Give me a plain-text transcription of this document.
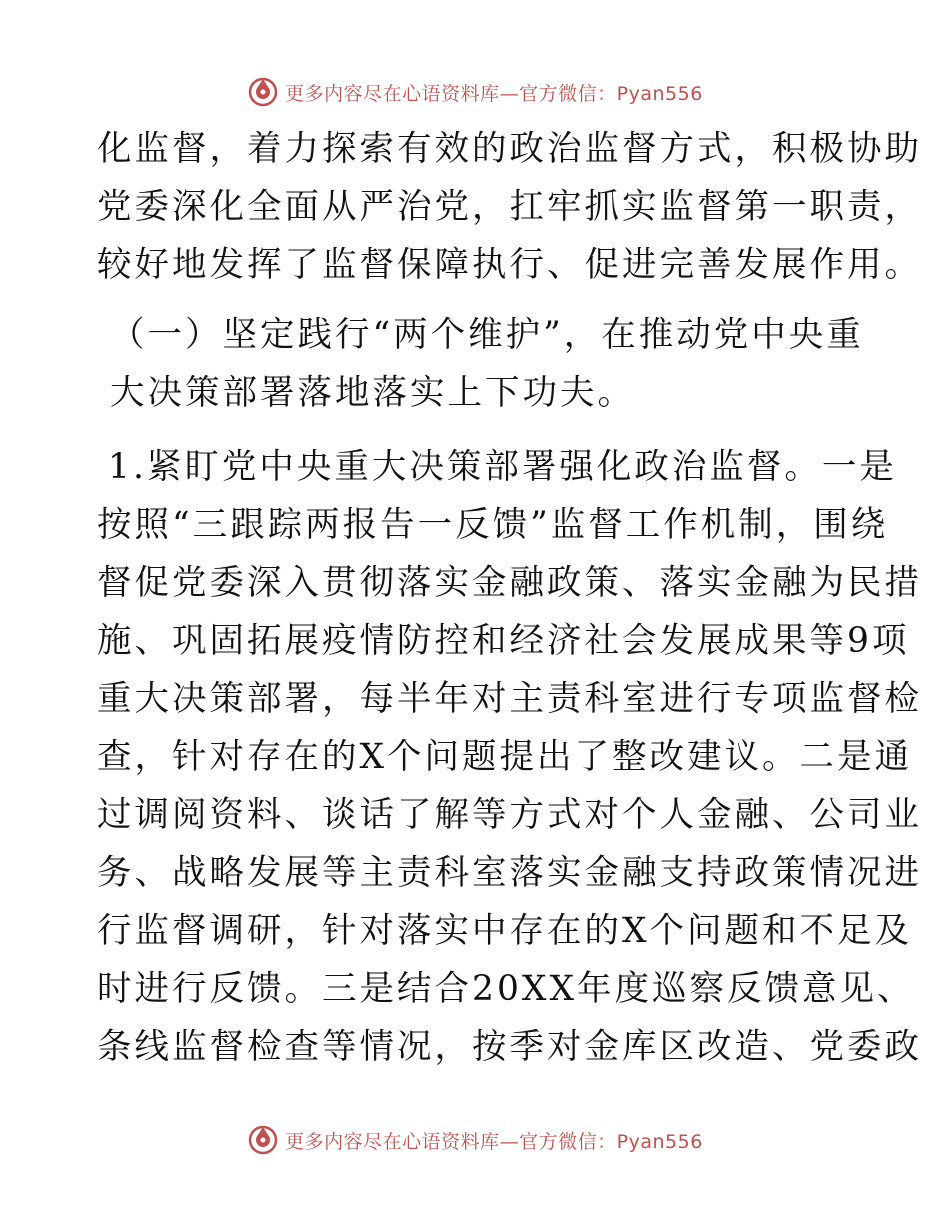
更多内容尽在心语资料库—官方微信：Pyan556
化监督，着力探索有效的政治监督方式，积极协助
党委深化全面从严治党，扛牢抓实监督第一职责，
较好地发挥了监督保障执行、促进完善发展作用。
（一）坚定践行“两个维护”，在推动党中央重
大决策部署落地落实上下功夫。
1.紧盯党中央重大决策部署强化政治监督。一是
按照“三跟踪两报告一反馈”监督工作机制，围绕
督促党委深入贯彻落实金融政策、落实金融为民措
施、巩固拓展疫情防控和经济社会发展成果等9项
重大决策部署，每半年对主责科室进行专项监督检
查，针对存在的X个问题提出了整改建议。二是通
过调阅资料、谈话了解等方式对个人金融、公司业
务、战略发展等主责科室落实金融支持政策情况进
行监督调研，针对落实中存在的X个问题和不足及
时进行反馈。三是结合20XX年度巡察反馈意见、
条线监督检查等情况，按季对金库区改造、党委政
更多内容尽在心语资料库—官方微信：Pyan556
